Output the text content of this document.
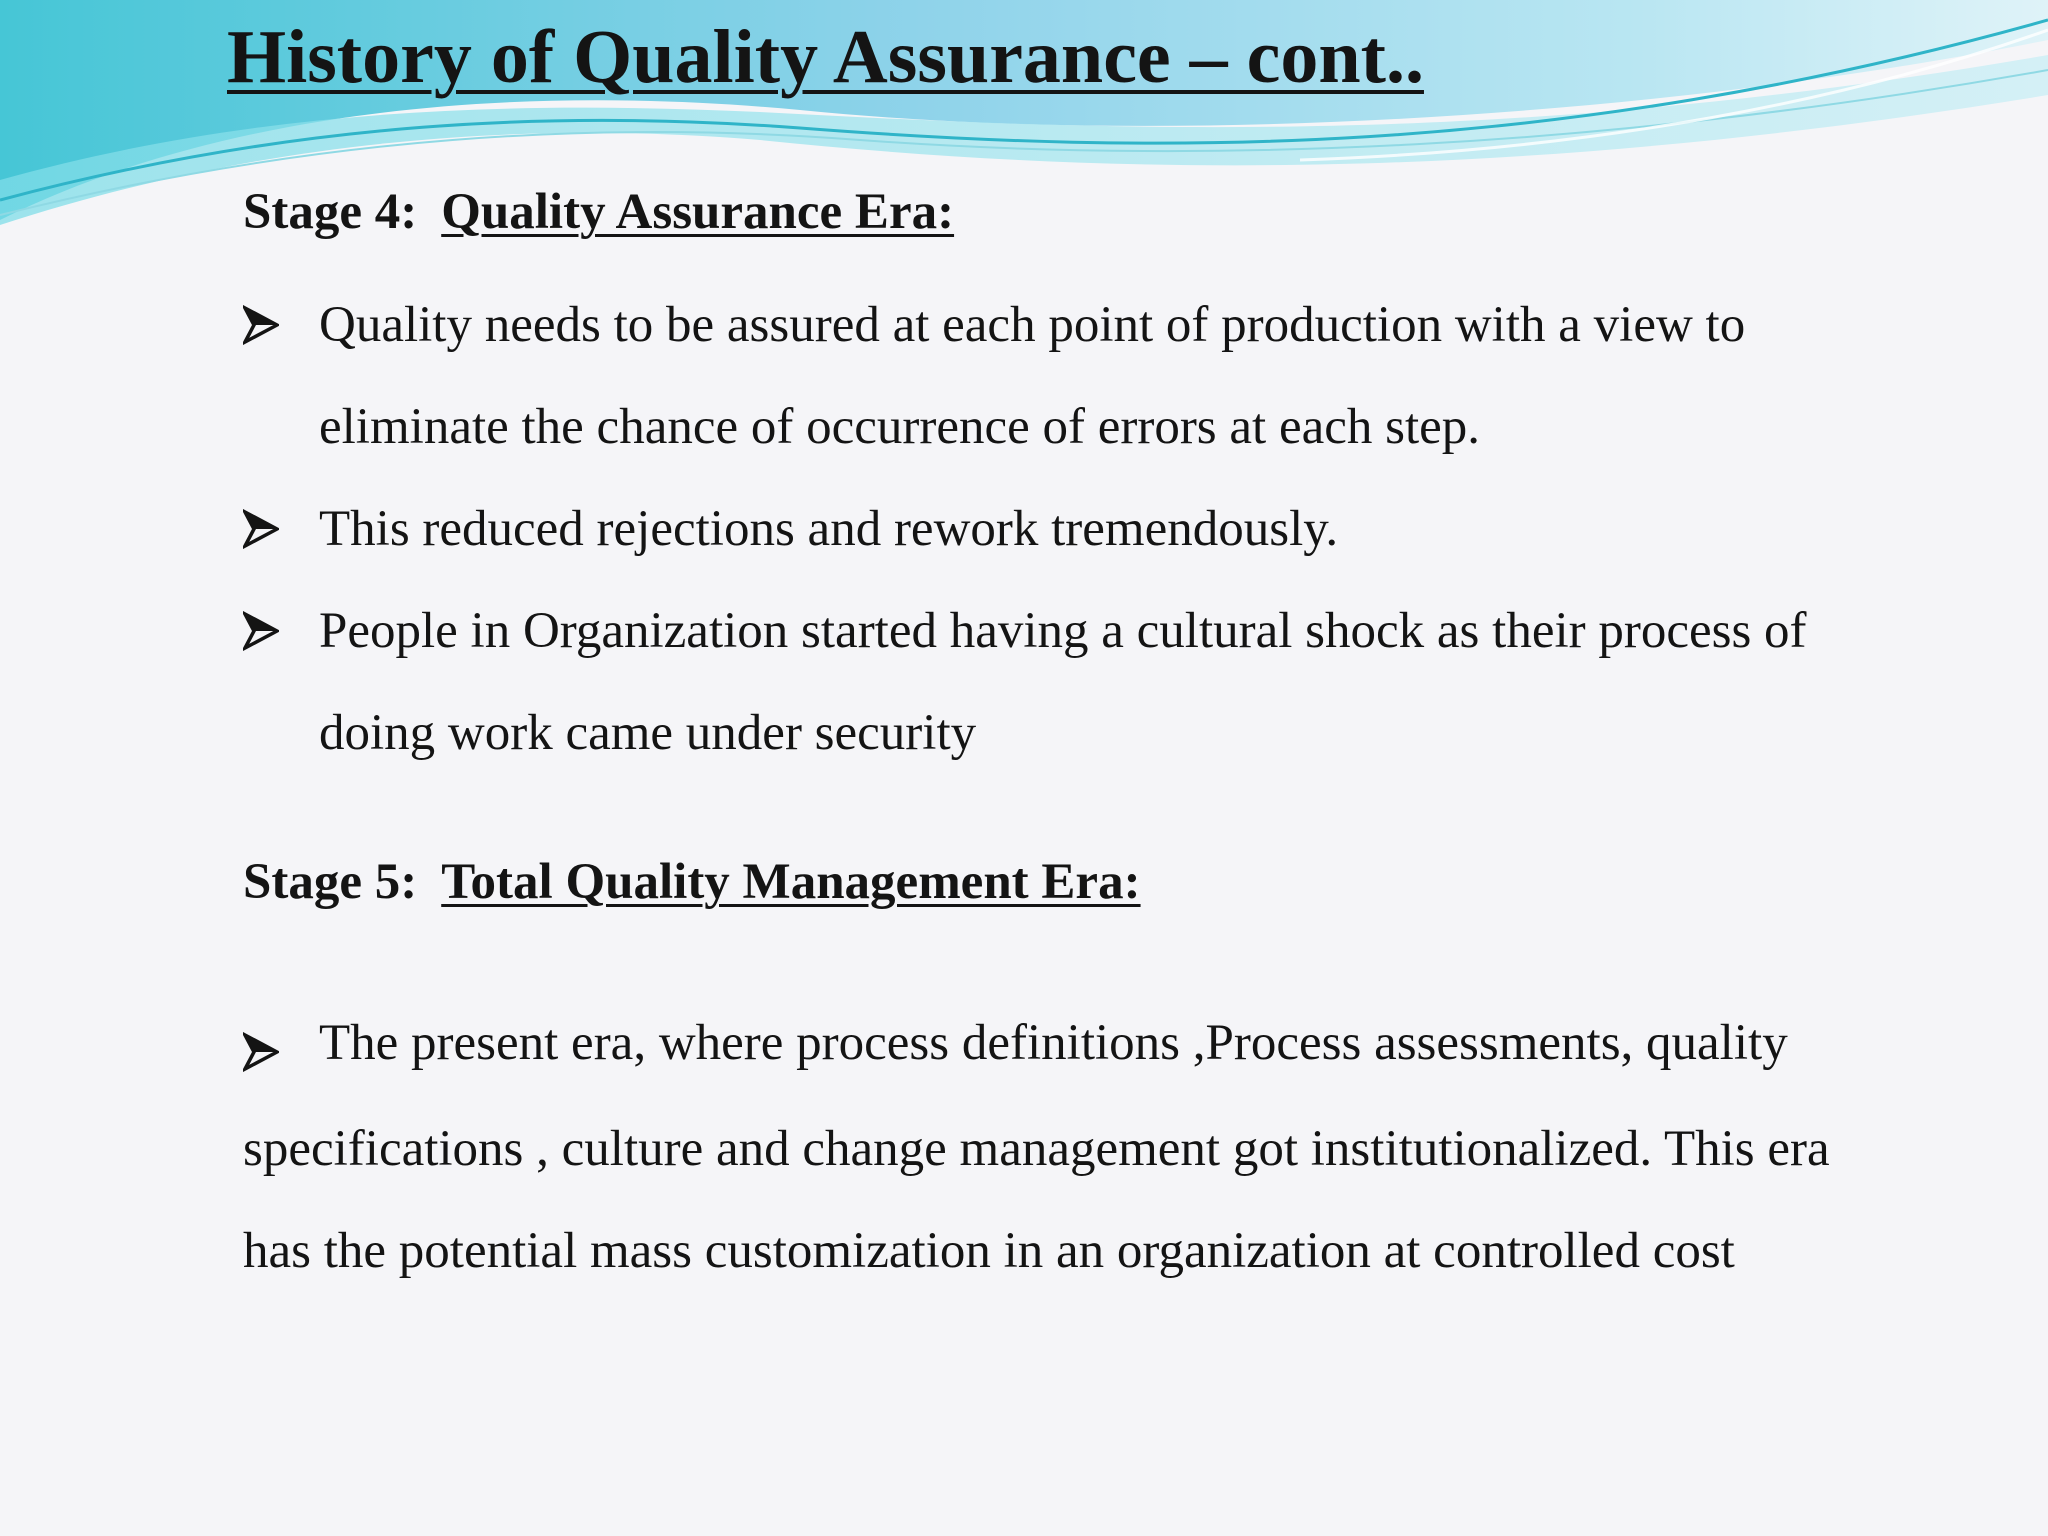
History of Quality Assurance – cont..
Stage 4: Quality Assurance Era:
Quality needs to be assured at each point of production with a view to eliminate the chance of occurrence of errors at each step.
This reduced rejections and rework tremendously.
People in Organization started having a cultural shock as their process of doing work came under security
Stage 5: Total Quality Management Era:
The present era, where process definitions ,Process assessments, quality specifications , culture and change management got institutionalized. This era has the potential mass customization in an organization at controlled cost
